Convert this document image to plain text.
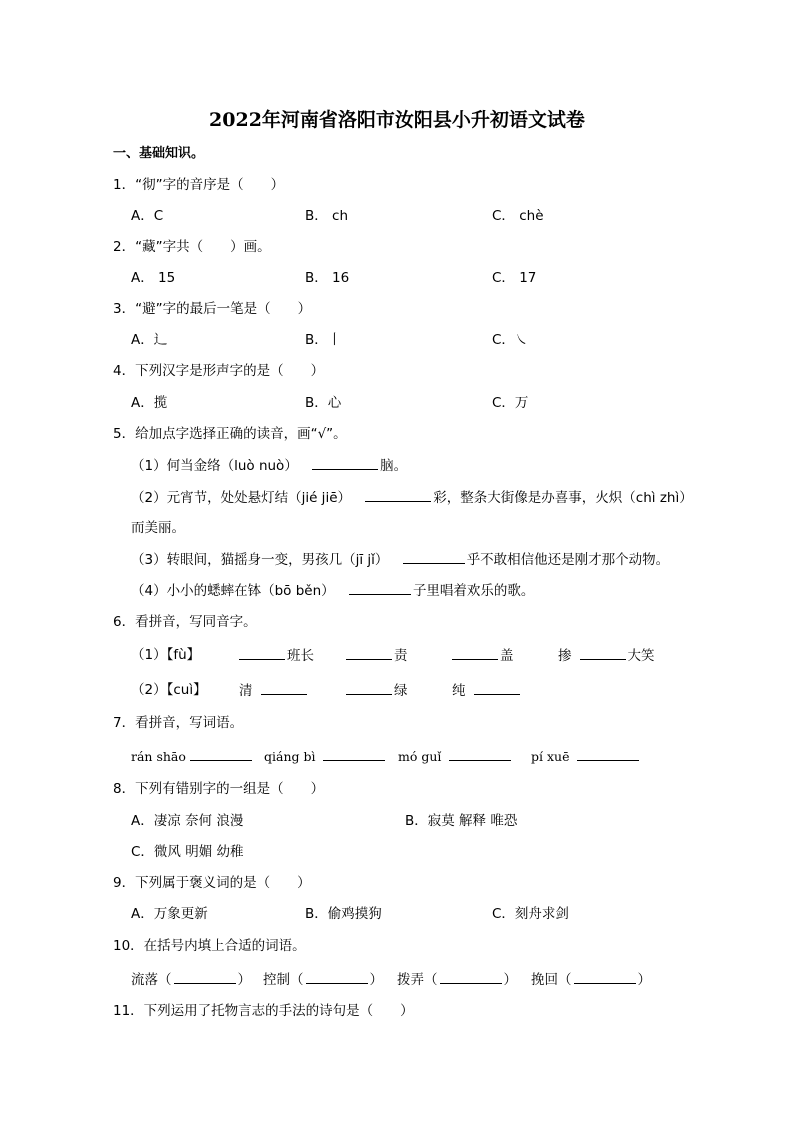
2022年河南省洛阳市汝阳县小升初语文试卷
一、基础知识。
1．“彻”字的音序是（　　）
A．C	B． ch	C． chè
2．“藏”字共（　　）画。
A． 15	B． 16	C． 17
3．“避”字的最后一笔是（　　）
A．辶	B．丨	C．㇏
4．下列汉字是形声字的是（　　）
A．揽	B．心	C．万
5．给加点字选择正确的读音，画“√”。
（1）何当金络（luò nuò）	脑。
（2）元宵节，处处悬灯结（jié jiē）	彩，整条大街像是办喜事，火炽（chì zhì）
而美丽。
（3）转眼间，猫摇身一变，男孩几（jī jǐ）	乎不敢相信他还是刚才那个动物。
（4）小小的蟋蟀在钵（bō běn）	子里唱着欢乐的歌。
6．看拼音，写同音字。
（1）【fù】	班长	责	盖	掺	大笑
（2）【cuì】 清	绿	纯
7．看拼音，写词语。
rán shāo	qiáng bì	mó guǐ	pí xuē
8．下列有错别字的一组是（　　）
A．凄凉 奈何 浪漫	B．寂莫 解释 唯恐
C．微风 明媚 幼稚
9．下列属于褒义词的是（　　）
A．万象更新	B．偷鸡摸狗	C．刻舟求剑
10．在括号内填上合适的词语。
流落（	） 控制（	） 拨弄（	） 挽回（	）
11．下列运用了托物言志的手法的诗句是（　　）
